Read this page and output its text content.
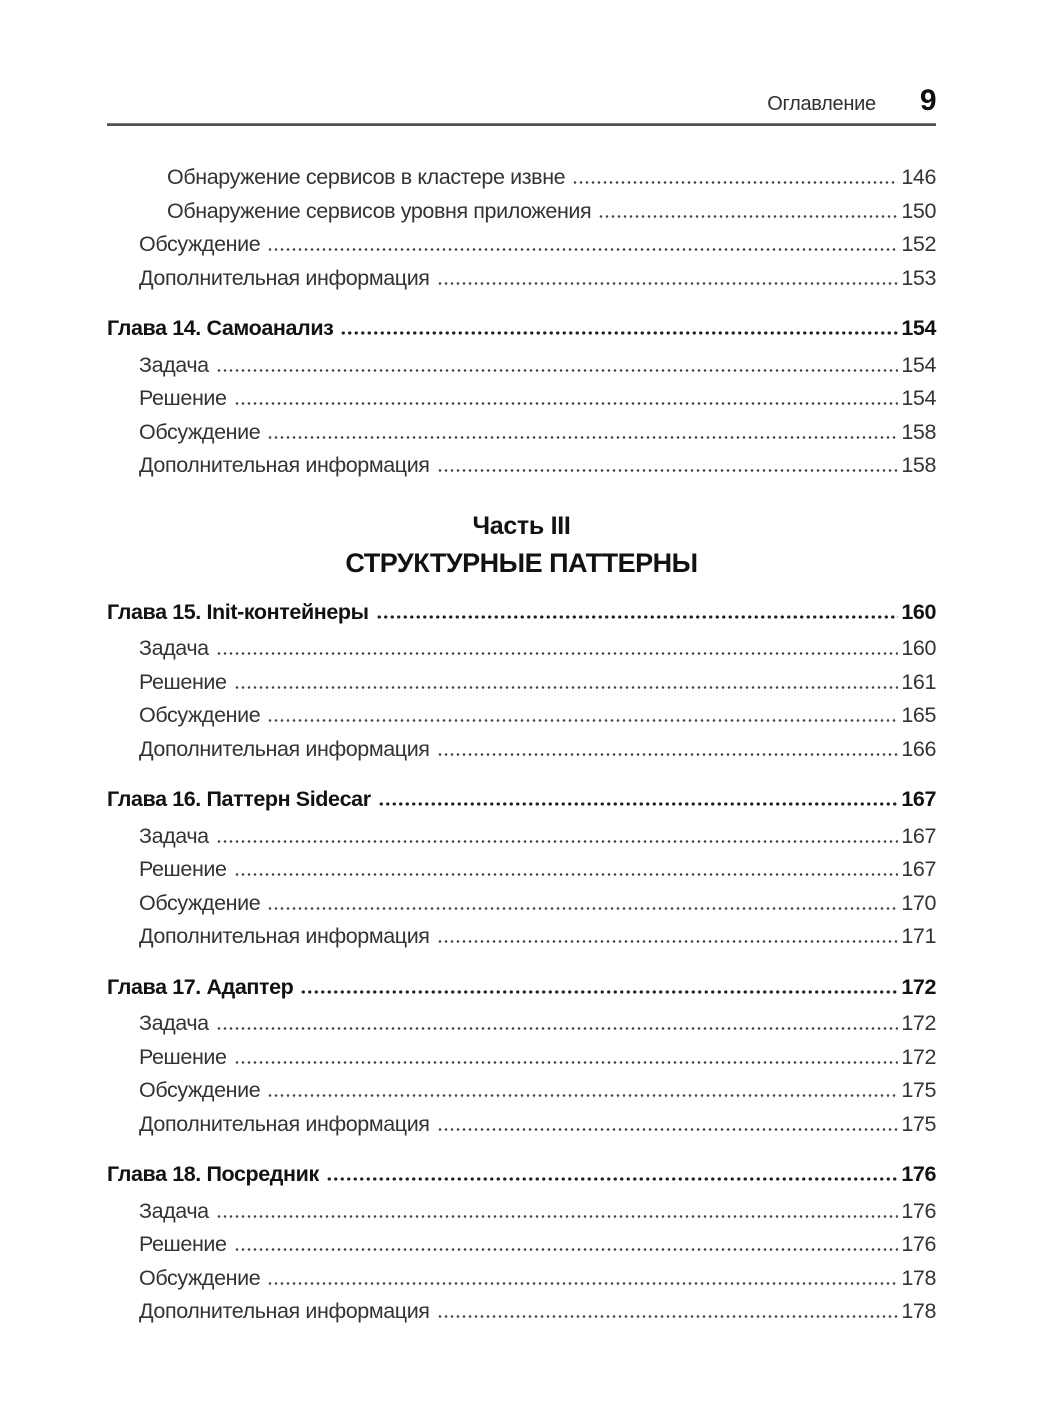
Оглавление 9
Обнаружение сервисов в кластере извне	146
Обнаружение сервисов уровня приложения	150
Обсуждение	152
Дополнительная информация	153
Глава 14. Самоанализ	154
Задача	154
Решение	154
Обсуждение	158
Дополнительная информация	158
Часть III
СТРУКТУРНЫЕ ПАТТЕРНЫ
Глава 15. Init-контейнеры	160
Задача	160
Решение	161
Обсуждение	165
Дополнительная информация	166
Глава 16. Паттерн Sidecar	167
Задача	167
Решение	167
Обсуждение	170
Дополнительная информация	171
Глава 17. Адаптер	172
Задача	172
Решение	172
Обсуждение	175
Дополнительная информация	175
Глава 18. Посредник	176
Задача	176
Решение	176
Обсуждение	178
Дополнительная информация	178
